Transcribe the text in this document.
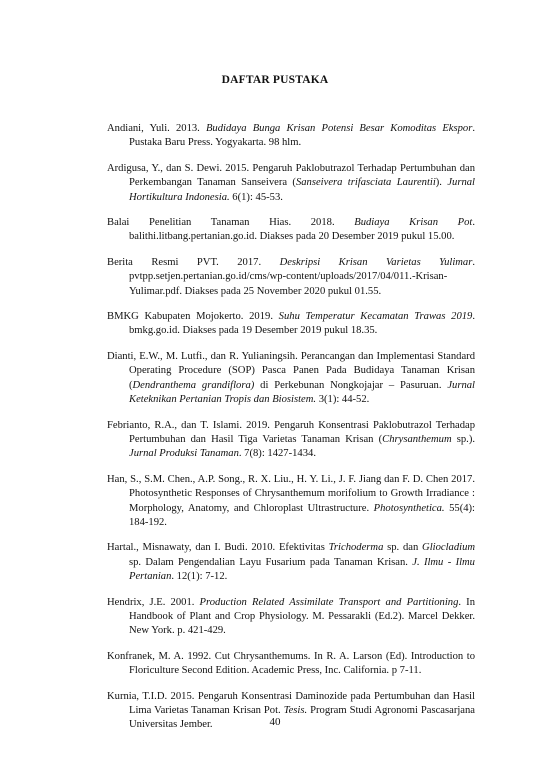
DAFTAR PUSTAKA

Andiani, Yuli. 2013. Budidaya Bunga Krisan Potensi Besar Komoditas Ekspor. Pustaka Baru Press. Yogyakarta. 98 hlm.

Ardigusa, Y., dan S. Dewi. 2015. Pengaruh Paklobutrazol Terhadap Pertumbuhan dan Perkembangan Tanaman Sanseivera (Sanseivera trifasciata Laurentii). Jurnal Hortikultura Indonesia. 6(1): 45-53.

Balai Penelitian Tanaman Hias. 2018. Budiaya Krisan Pot. balithi.litbang.pertanian.go.id. Diakses pada 20 Desember 2019 pukul 15.00.

Berita Resmi PVT. 2017. Deskripsi Krisan Varietas Yulimar. pvtpp.setjen.pertanian.go.id/cms/wp-content/uploads/2017/04/011.-Krisan-Yulimar.pdf. Diakses pada 25 November 2020 pukul 01.55.

BMKG Kabupaten Mojokerto. 2019. Suhu Temperatur Kecamatan Trawas 2019. bmkg.go.id. Diakses pada 19 Desember 2019 pukul 18.35.

Dianti, E.W., M. Lutfi., dan R. Yulianingsih. Perancangan dan Implementasi Standard Operating Procedure (SOP) Pasca Panen Pada Budidaya Tanaman Krisan (Dendranthema grandiflora) di Perkebunan Nongkojajar – Pasuruan. Jurnal Keteknikan Pertanian Tropis dan Biosistem. 3(1): 44-52.

Febrianto, R.A., dan T. Islami. 2019. Pengaruh Konsentrasi Paklobutrazol Terhadap Pertumbuhan dan Hasil Tiga Varietas Tanaman Krisan (Chrysanthemum sp.). Jurnal Produksi Tanaman. 7(8): 1427-1434.

Han, S., S.M. Chen., A.P. Song., R. X. Liu., H. Y. Li., J. F. Jiang dan F. D. Chen 2017. Photosynthetic Responses of Chrysanthemum morifolium to Growth Irradiance : Morphology, Anatomy, and Chloroplast Ultrastructure. Photosynthetica. 55(4): 184-192.

Hartal., Misnawaty, dan I. Budi. 2010. Efektivitas Trichoderma sp. dan Gliocladium sp. Dalam Pengendalian Layu Fusarium pada Tanaman Krisan. J. Ilmu - Ilmu Pertanian. 12(1): 7-12.

Hendrix, J.E. 2001. Production Related Assimilate Transport and Partitioning. In Handbook of Plant and Crop Physiology. M. Pessarakli (Ed.2). Marcel Dekker. New York. p. 421-429.

Konfranek, M. A. 1992. Cut Chrysanthemums. In R. A. Larson (Ed). Introduction to Floriculture Second Edition. Academic Press, Inc. California. p 7-11.

Kurnia, T.I.D. 2015. Pengaruh Konsentrasi Daminozide pada Pertumbuhan dan Hasil Lima Varietas Tanaman Krisan Pot. Tesis. Program Studi Agronomi Pascasarjana Universitas Jember.	40
